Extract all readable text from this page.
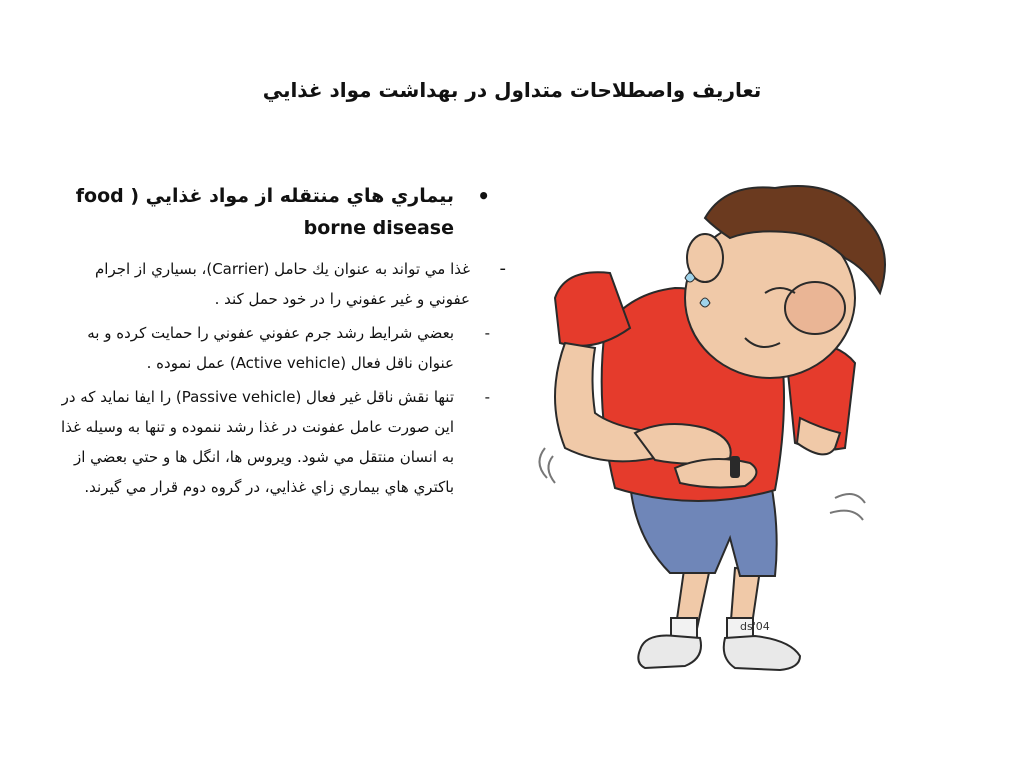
تعاريف واصطلاحات متداول در بهداشت مواد غذايي
•
بيماري هاي منتقله از مواد غذايي ( food borne disease
-
غذا مي تواند به عنوان يك حامل (Carrier)، بسياري از اجرام عفوني و غير عفوني را در خود حمل كند .
-
بعضي شرايط رشد جرم عفوني عفوني را حمايت كرده و به عنوان ناقل فعال (Active vehicle) عمل نموده .
-
تنها نقش ناقل غير فعال (Passive vehicle) را ايفا نمايد كه در اين صورت عامل عفونت در غذا رشد ننموده و تنها به وسيله غذا به انسان منتقل مي شود. ويروس ها، انگل ها و حتي بعضي از باكتري هاي بيماري زاي غذايي، در گروه دوم قرار مي گيرند.
ds'04
